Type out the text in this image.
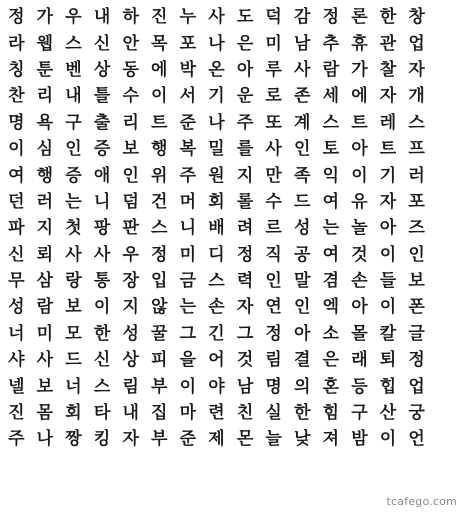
정 가 우 내 하 진 누 사 도 덕 감 정 론 한 창
라 웹 스 신 안 목 포 나 은 미 남 추 휴 관 업
칭 툰 벤 상 동 에 박 온 아 루 사 람 가 찰 자
찬 리 내 틀 수 이 서 기 운 로 존 세 에 자 개
명 욕 구 출 리 트 준 나 주 또 계 스 트 레 스
이 심 인 증 보 행 복 밀 를 사 인 토 아 트 프
여 행 증 애 인 위 주 원 지 만 족 익 이 기 러
던 러 는 니 덤 건 머 회 롤 수 드 여 유 자 포
파 지 첫 팡 판 스 니 배 려 르 성 는 놀 아 즈
신 뢰 사 사 우 정 미 디 정 직 공 여 것 이 인
무 삼 랑 통 장 입 금 스 력 인 말 겸 손 들 보
성 람 보 이 지 않 는 손 자 연 인 엑 아 이 폰
너 미 모 한 성 꿀 그 긴 그 정 아 소 몰 칼 글
샤 사 드 신 상 피 을 어 것 림 결 은 래 퇴 정
넬 보 너 스 림 부 이 야 남 명 의 혼 등 힙 업
진 몸 회 타 내 집 마 련 친 실 한 힘 구 산 궁
주 나 짱 킹 자 부 준 제 몬 늘 낮 져 밤 이 언
tcafego.com
